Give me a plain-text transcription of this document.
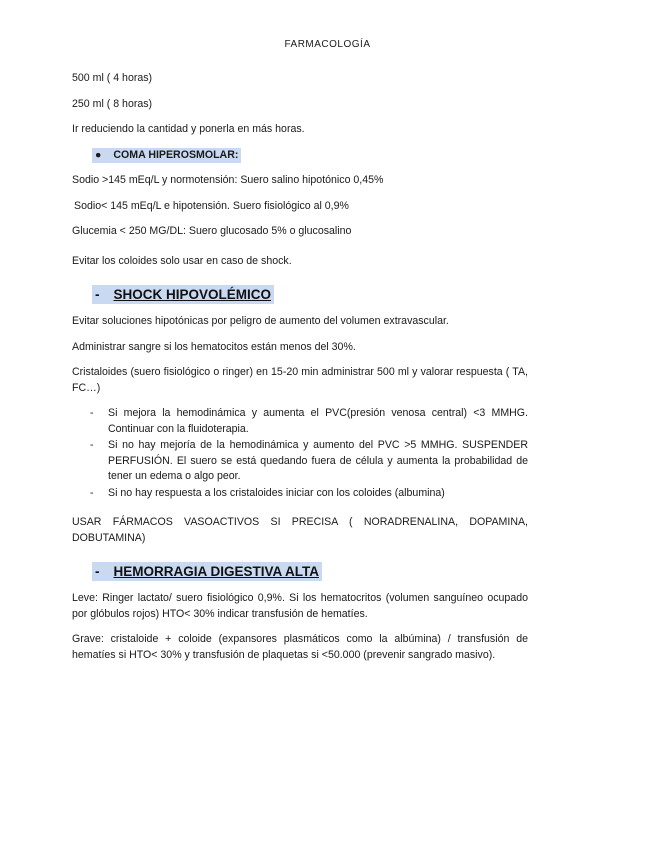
FARMACOLOGÍA

500 ml ( 4 horas)

250 ml ( 8 horas)

Ir reduciendo la cantidad y ponerla en más horas.

● COMA HIPEROSMOLAR:

Sodio >145 mEq/L y normotensión: Suero salino hipotónico 0,45%

Sodio< 145 mEq/L e hipotensión. Suero fisiológico al 0,9%

Glucemia < 250 MG/DL: Suero glucosado 5% o glucosalino

Evitar los coloides solo usar en caso de shock.

- SHOCK HIPOVOLÉMICO

Evitar soluciones hipotónicas por peligro de aumento del volumen extravascular.

Administrar sangre si los hematocitos están menos del 30%.

Cristaloides (suero fisiológico o ringer) en 15-20 min administrar 500 ml y valorar respuesta ( TA, FC…)

- Si mejora la hemodinámica y aumenta el PVC(presión venosa central) <3 MMHG. Continuar con la fluidoterapia.
- Si no hay mejoría de la hemodinámica y aumento del PVC >5 MMHG. SUSPENDER PERFUSIÓN. El suero se está quedando fuera de célula y aumenta la probabilidad de tener un edema o algo peor.
- Si no hay respuesta a los cristaloides iniciar con los coloides (albumina)

USAR FÁRMACOS VASOACTIVOS SI PRECISA ( NORADRENALINA, DOPAMINA, DOBUTAMINA)

- HEMORRAGIA DIGESTIVA ALTA

Leve: Ringer lactato/ suero fisiológico 0,9%. Si los hematocritos (volumen sanguíneo ocupado por glóbulos rojos) HTO< 30% indicar transfusión de hematíes.

Grave: cristaloide + coloide (expansores plasmáticos como la albúmina) / transfusión de hematíes si HTO< 30% y transfusión de plaquetas si <50.000 (prevenir sangrado masivo).
